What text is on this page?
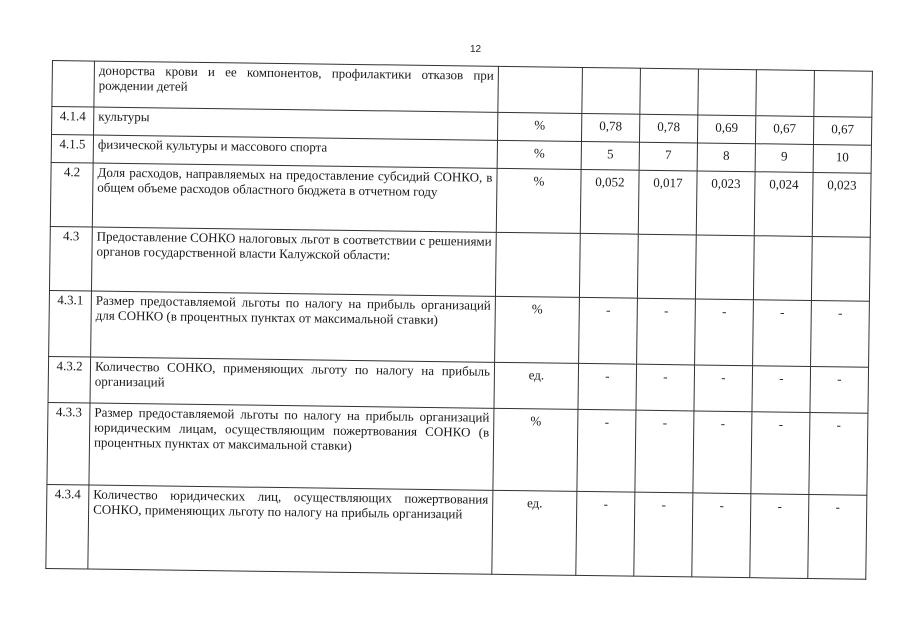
12
	донорства крови и ее компонентов, профилактики отказов при рождении детей						
4.1.4	культуры	%	0,78	0,78	0,69	0,67	0,67
4.1.5	физической культуры и массового спорта	%	5	7	8	9	10
4.2	Доля расходов, направляемых на предоставление субсидий СОНКО, в общем объеме расходов областного бюджета в отчетном году	%	0,052	0,017	0,023	0,024	0,023
4.3	Предоставление СОНКО налоговых льгот в соответствии с решениями органов государственной власти Калужской области:						
4.3.1	Размер предоставляемой льготы по налогу на прибыль организаций для СОНКО (в процентных пунктах от максимальной ставки)	%	-	-	-	-	-
4.3.2	Количество СОНКО, применяющих льготу по налогу на прибыль организаций	ед.	-	-	-	-	-
4.3.3	Размер предоставляемой льготы по налогу на прибыль организаций юридическим лицам, осуществляющим пожертвования СОНКО (в процентных пунктах от максимальной ставки)	%	-	-	-	-	-
4.3.4	Количество юридических лиц, осуществляющих пожертвования СОНКО, применяющих льготу по налогу на прибыль организаций	ед.	-	-	-	-	-
